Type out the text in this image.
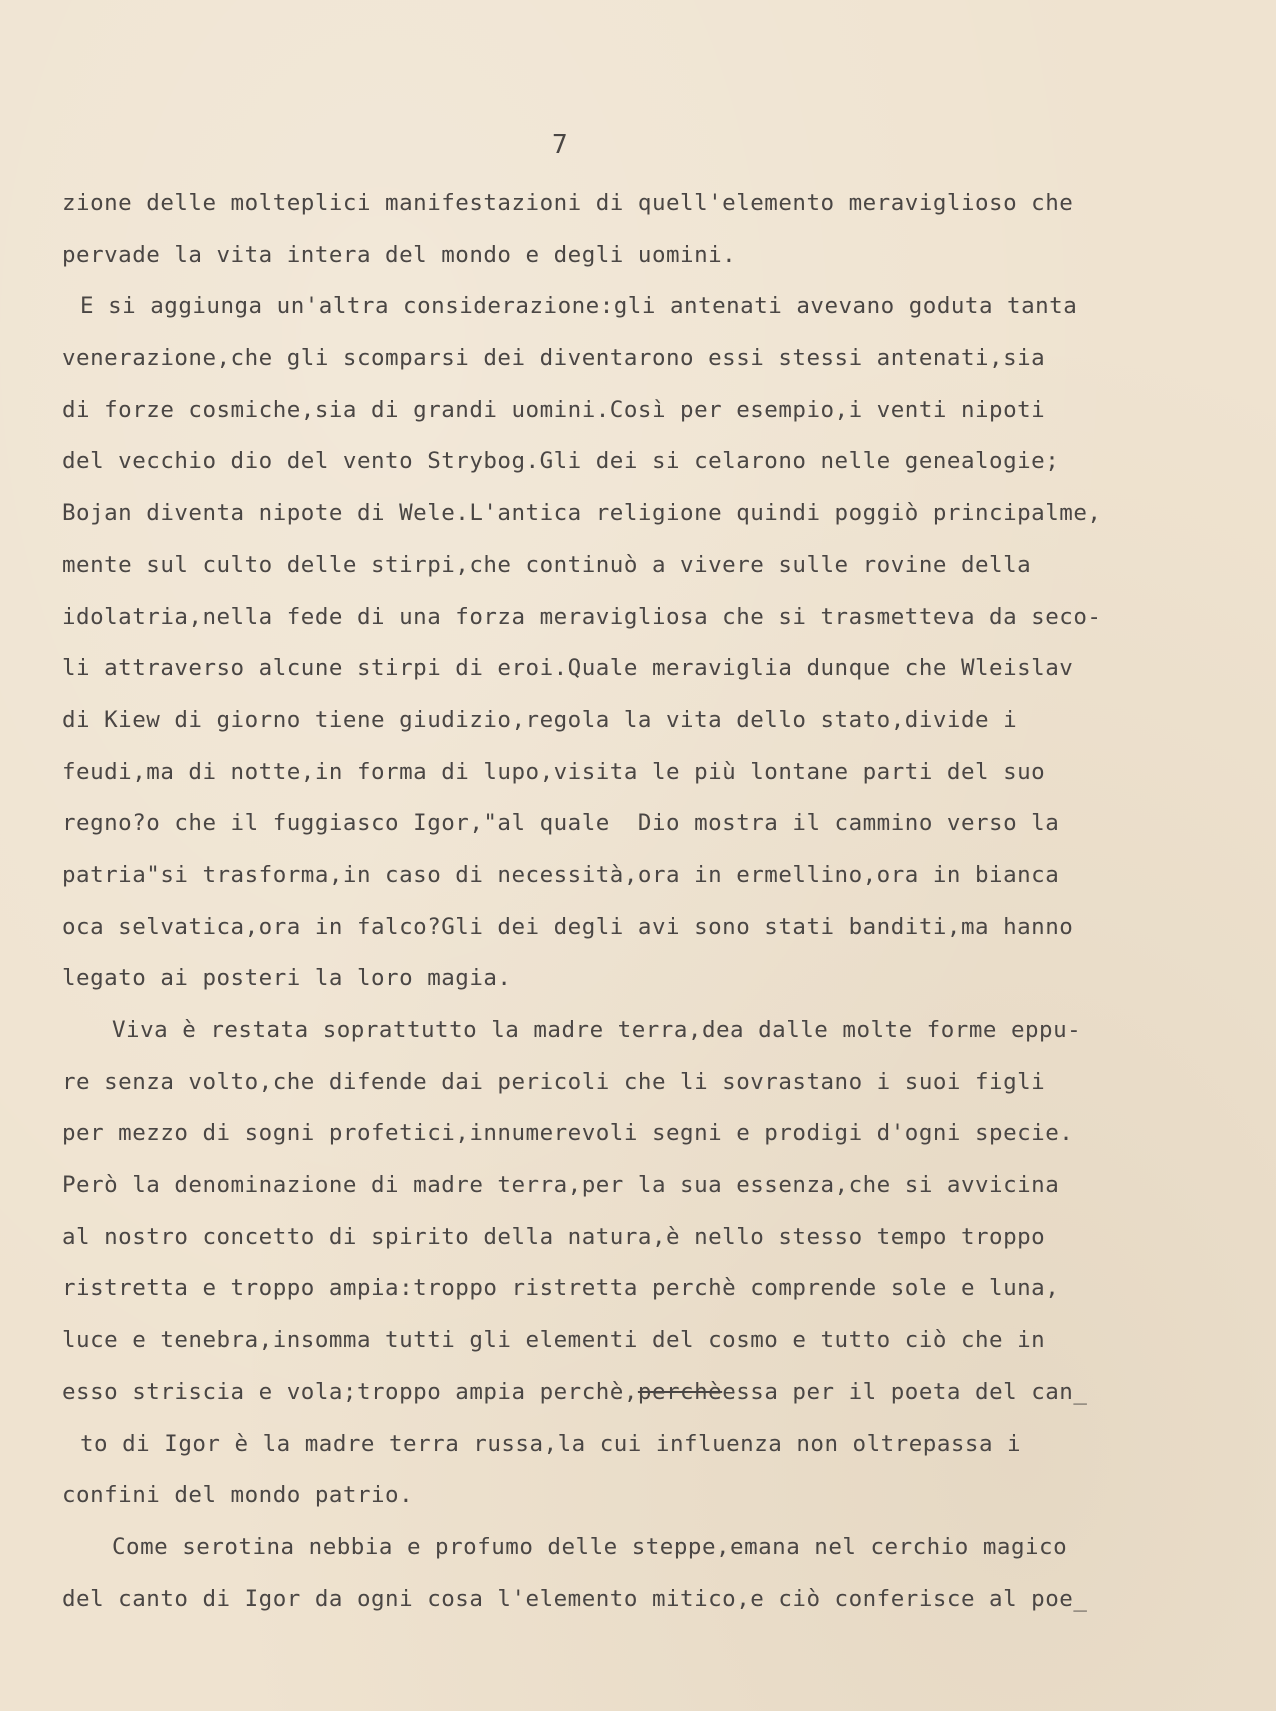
7
zione delle molteplici manifestazioni di quell'elemento meraviglioso che
pervade la vita intera del mondo e degli uomini.
E si aggiunga un'altra considerazione:gli antenati avevano goduta tanta
venerazione,che gli scomparsi dei diventarono essi stessi antenati,sia
di forze cosmiche,sia di grandi uomini.Così per esempio,i venti nipoti
del vecchio dio del vento Strybog.Gli dei si celarono nelle genealogie;
Bojan diventa nipote di Wele.L'antica religione quindi poggiò principalme,
mente sul culto delle stirpi,che continuò a vivere sulle rovine della
idolatria,nella fede di una forza meravigliosa che si trasmetteva da seco-
li attraverso alcune stirpi di eroi.Quale meraviglia dunque che Wleislav
di Kiew di giorno tiene giudizio,regola la vita dello stato,divide i
feudi,ma di notte,in forma di lupo,visita le più lontane parti del suo
regno?o che il fuggiasco Igor,"al quale  Dio mostra il cammino verso la
patria"si trasforma,in caso di necessità,ora in ermellino,ora in bianca
oca selvatica,ora in falco?Gli dei degli avi sono stati banditi,ma hanno
legato ai posteri la loro magia.
Viva è restata soprattutto la madre terra,dea dalle molte forme eppu-
re senza volto,che difende dai pericoli che li sovrastano i suoi figli
per mezzo di sogni profetici,innumerevoli segni e prodigi d'ogni specie.
Però la denominazione di madre terra,per la sua essenza,che si avvicina
al nostro concetto di spirito della natura,è nello stesso tempo troppo
ristretta e troppo ampia:troppo ristretta perchè comprende sole e luna,
luce e tenebra,insomma tutti gli elementi del cosmo e tutto ciò che in
esso striscia e vola;troppo ampia perchè,perchèessa per il poeta del can_
to di Igor è la madre terra russa,la cui influenza non oltrepassa i
confini del mondo patrio.
Come serotina nebbia e profumo delle steppe,emana nel cerchio magico
del canto di Igor da ogni cosa l'elemento mitico,e ciò conferisce al poe_
